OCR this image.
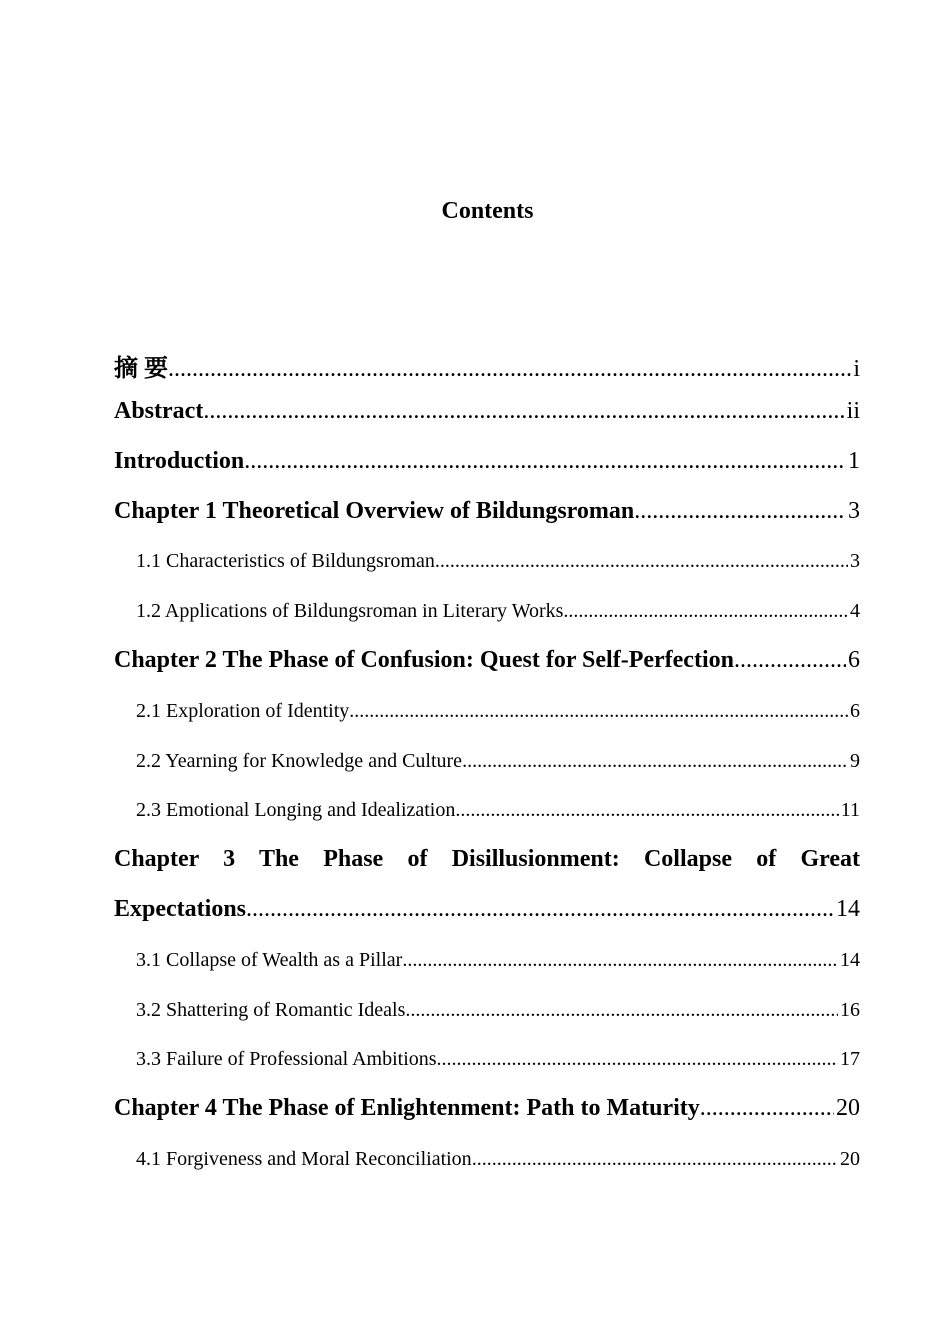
Contents
摘 要 .....	i
Abstract .....	ii
Introduction .....	1
Chapter 1 Theoretical Overview of Bildungsroman .....	3
1.1 Characteristics of Bildungsroman .....	3
1.2 Applications of Bildungsroman in Literary Works .....	4
Chapter 2 The Phase of Confusion: Quest for Self-Perfection .....	6
2.1 Exploration of Identity .....	6
2.2 Yearning for Knowledge and Culture .....	9
2.3 Emotional Longing and Idealization .....	11
Chapter 3 The Phase of Disillusionment: Collapse of Great
Expectations .....	14
3.1 Collapse of Wealth as a Pillar .....	14
3.2 Shattering of Romantic Ideals .....	16
3.3 Failure of Professional Ambitions .....	17
Chapter 4 The Phase of Enlightenment: Path to Maturity .....	20
4.1 Forgiveness and Moral Reconciliation .....	20
